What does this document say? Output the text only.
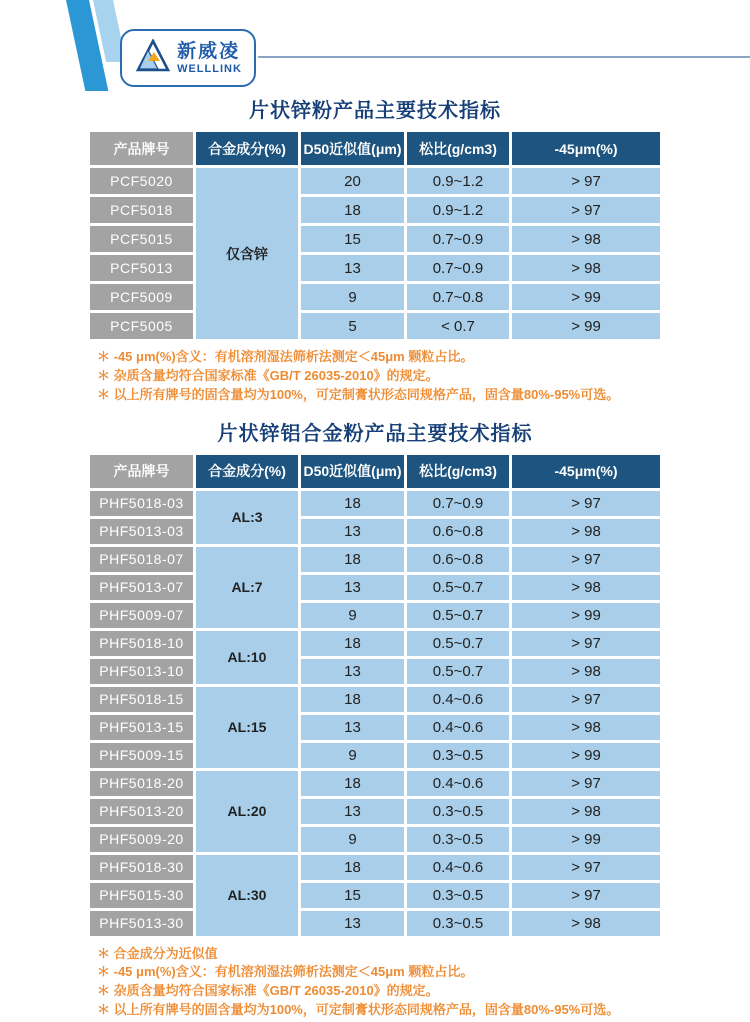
新威凌
WELLLINK
片状锌粉产品主要技术指标
产品牌号	合金成分(%)	D50近似值(μm)	松比(g/cm3)	-45μm(%)
PCF5020	仅含锌	20	0.9~1.2	> 97
PCF5018		18	0.9~1.2	> 97
PCF5015		15	0.7~0.9	> 98
PCF5013		13	0.7~0.9	> 98
PCF5009		9	0.7~0.8	> 99
PCF5005		5	< 0.7	> 99
＊ -45 μm(%)含义：有机溶剂湿法筛析法测定＜45μm 颗粒占比。
＊ 杂质含量均符合国家标准《GB/T 26035-2010》的规定。
＊ 以上所有牌号的固含量均为100%，可定制膏状形态同规格产品，固含量80%-95%可选。
片状锌铝合金粉产品主要技术指标
产品牌号	合金成分(%)	D50近似值(μm)	松比(g/cm3)	-45μm(%)
PHF5018-03	AL:3	18	0.7~0.9	> 97
PHF5013-03		13	0.6~0.8	> 98
PHF5018-07	AL:7	18	0.6~0.8	> 97
PHF5013-07		13	0.5~0.7	> 98
PHF5009-07		9	0.5~0.7	> 99
PHF5018-10	AL:10	18	0.5~0.7	> 97
PHF5013-10		13	0.5~0.7	> 98
PHF5018-15	AL:15	18	0.4~0.6	> 97
PHF5013-15		13	0.4~0.6	> 98
PHF5009-15		9	0.3~0.5	> 99
PHF5018-20	AL:20	18	0.4~0.6	> 97
PHF5013-20		13	0.3~0.5	> 98
PHF5009-20		9	0.3~0.5	> 99
PHF5018-30	AL:30	18	0.4~0.6	> 97
PHF5015-30		15	0.3~0.5	> 97
PHF5013-30		13	0.3~0.5	> 98
＊ 合金成分为近似值
＊ -45 μm(%)含义：有机溶剂湿法筛析法测定＜45μm 颗粒占比。
＊ 杂质含量均符合国家标准《GB/T 26035-2010》的规定。
＊ 以上所有牌号的固含量均为100%，可定制膏状形态同规格产品，固含量80%-95%可选。
